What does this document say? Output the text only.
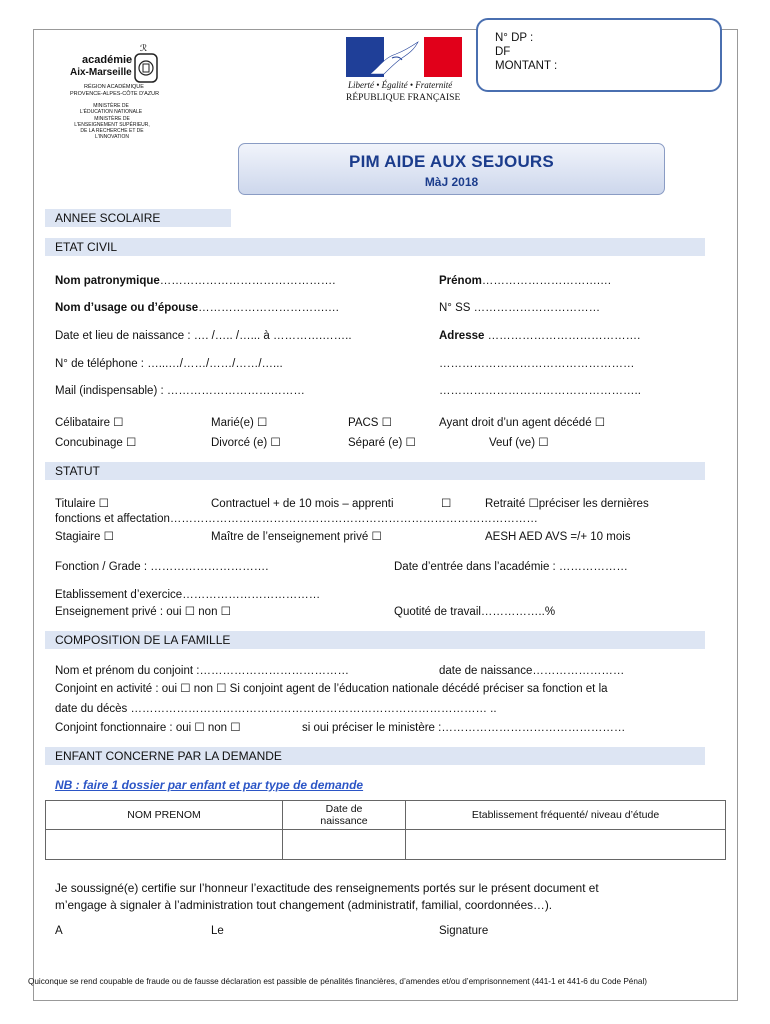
académie
Aix-Marseille
ℛ
RÉGION ACADÉMIQUE
PROVENCE-ALPES-CÔTE D'AZUR
MINISTÈRE DE L'ÉDUCATION NATIONALE
MINISTÈRE DE L'ENSEIGNEMENT SUPÉRIEUR, DE LA RECHERCHE ET DE L'INNOVATION
Liberté • Égalité • Fraternité
RÉPUBLIQUE FRANÇAISE
N° DP :
DF
MONTANT :
PIM AIDE AUX SEJOURS
MàJ 2018
ANNEE SCOLAIRE
ETAT CIVIL
Nom patronymique……………………………………….	Prénom………………………….…
Nom d’usage ou d’épouse…………………………….…	N° SS ……………………………
Date et lieu de naissance : …. /….. /…... à ………….……..	Adresse ………………………………….
N° de téléphone : …...…/……/……/……/…...	……………………………………………
Mail (indispensable) : ………………………………	……………………………………………..
Célibataire ☐	Marié(e) ☐	PACS ☐	Ayant droit d’un agent décédé ☐
Concubinage ☐	Divorcé (e) ☐	Séparé (e) ☐	Veuf (ve) ☐
STATUT
Titulaire ☐	Contractuel + de 10 mois – apprenti	☐	Retraité ☐préciser les dernières
fonctions et affectation……………………………………………………………………………………
Stagiaire ☐	Maître de l’enseignement privé ☐	AESH AED AVS =/+ 10 mois
Fonction / Grade : ………………………….	Date d’entrée dans l’académie : ………………
Etablissement d’exercice………………………………
Enseignement privé : oui ☐ non ☐	Quotité de travail……………..%
COMPOSITION DE LA FAMILLE
Nom et prénom du conjoint :…………………………………	date de naissance……………………
Conjoint en activité : oui ☐ non ☐ Si conjoint agent de l’éducation nationale décédé préciser sa fonction et la
date du décès ………………………………………………………………………………… ..
Conjoint fonctionnaire : oui ☐ non ☐	si oui préciser le ministère :…………………………………………
ENFANT CONCERNE PAR LA DEMANDE
NB : faire 1 dossier par enfant et par type de demande
NOM PRENOM	Date de naissance	Etablissement fréquenté/ niveau d’étude

Je soussigné(e) certifie sur l’honneur l’exactitude des renseignements portés sur le présent document et
m’engage à signaler à l’administration tout changement (administratif, familial, coordonnées…).
A	Le	Signature
Quiconque se rend coupable de fraude ou de fausse déclaration est passible de pénalités financières, d’amendes et/ou d’emprisonnement (441-1 et 441-6 du Code Pénal)
